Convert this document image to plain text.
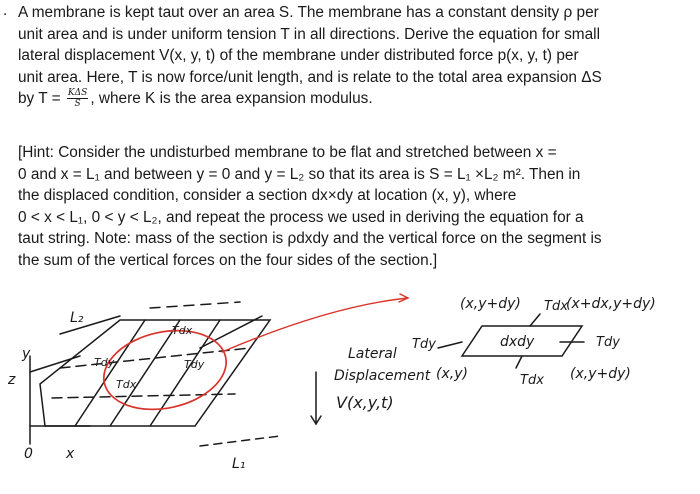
. A membrane is kept taut over an area S. The membrane has a constant density ρ per
unit area and is under uniform tension T in all directions. Derive the equation for small
lateral displacement V(x, y, t) of the membrane under distributed force p(x, y, t) per
unit area. Here, T is now force/unit length, and is relate to the total area expansion ΔS
by $T = \frac{\text{KΔS}}{S}$ , where K is the area expansion modulus.
[Hint: Consider the undisturbed membrane to be flat and stretched between x =
0 and x = L₁ and between y = 0 and y = L₂ so that its area is S = L₁ ×L₂ m². Then in
the displaced condition, consider a section dx×dy at location (x, y), where
0 < x < L₁, 0 < y < L₂, and repeat the process we used in deriving the equation for a
taut string. Note: mass of the section is ρdxdy and the vertical force on the segment is
the sum of the vertical forces on the four sides of the section.]
L₂
L₁
z
y
x
0
Lateral
Displacement
V(x,y,t)
(x,y+dy)	(x+dx,y+dy)
(x,y)	(x,y+dy)
dxdy
Tdx
Tdy	Tdy
Tdx
Tdx
Tdx
Tdy	Tdy
